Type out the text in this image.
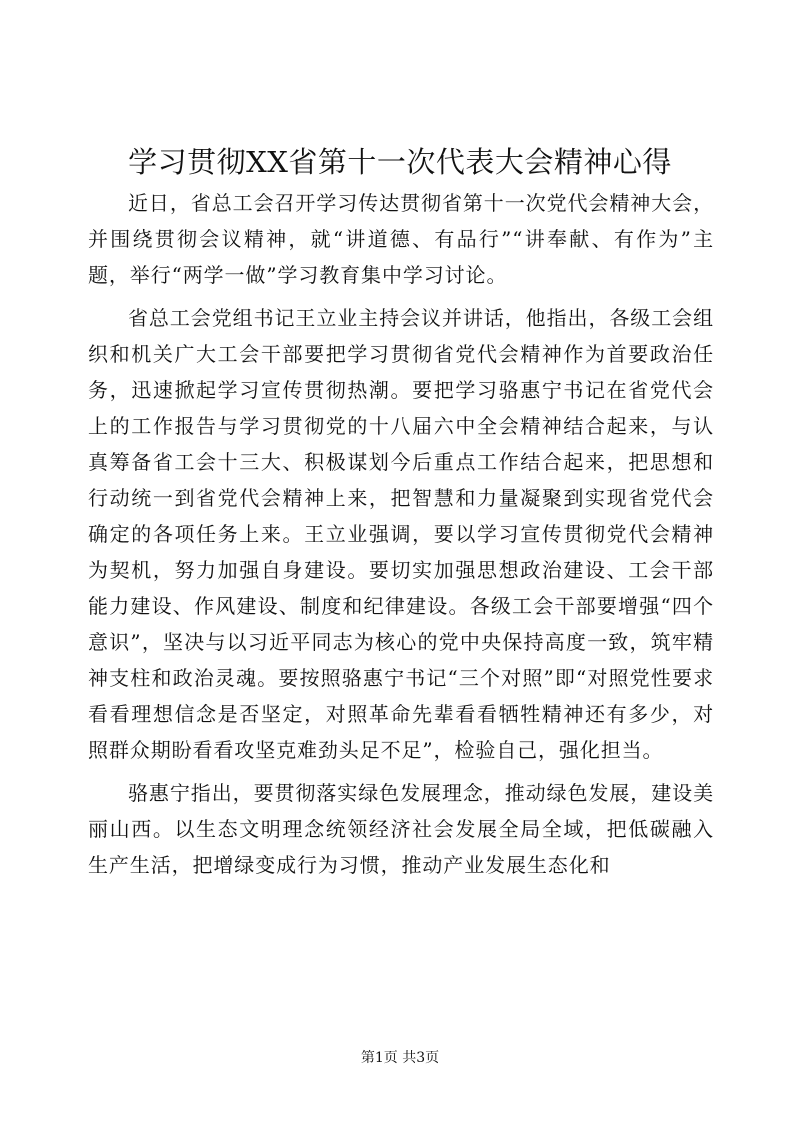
学习贯彻XX省第十一次代表大会精神心得

近日，省总工会召开学习传达贯彻省第十一次党代会精神大会，并围绕贯彻会议精神，就“讲道德、有品行”“讲奉献、有作为”主题，举行“两学一做”学习教育集中学习讨论。

省总工会党组书记王立业主持会议并讲话，他指出，各级工会组织和机关广大工会干部要把学习贯彻省党代会精神作为首要政治任务，迅速掀起学习宣传贯彻热潮。要把学习骆惠宁书记在省党代会上的工作报告与学习贯彻党的十八届六中全会精神结合起来，与认真筹备省工会十三大、积极谋划今后重点工作结合起来，把思想和行动统一到省党代会精神上来，把智慧和力量凝聚到实现省党代会确定的各项任务上来。王立业强调，要以学习宣传贯彻党代会精神为契机，努力加强自身建设。要切实加强思想政治建设、工会干部能力建设、作风建设、制度和纪律建设。各级工会干部要增强“四个意识”，坚决与以习近平同志为核心的党中央保持高度一致，筑牢精神支柱和政治灵魂。要按照骆惠宁书记“三个对照”即“对照党性要求看看理想信念是否坚定，对照革命先辈看看牺牲精神还有多少，对照群众期盼看看攻坚克难劲头足不足”，检验自己，强化担当。

骆惠宁指出，要贯彻落实绿色发展理念，推动绿色发展，建设美丽山西。以生态文明理念统领经济社会发展全局全域，把低碳融入生产生活，把增绿变成行为习惯，推动产业发展生态化和

第1页 共3页
